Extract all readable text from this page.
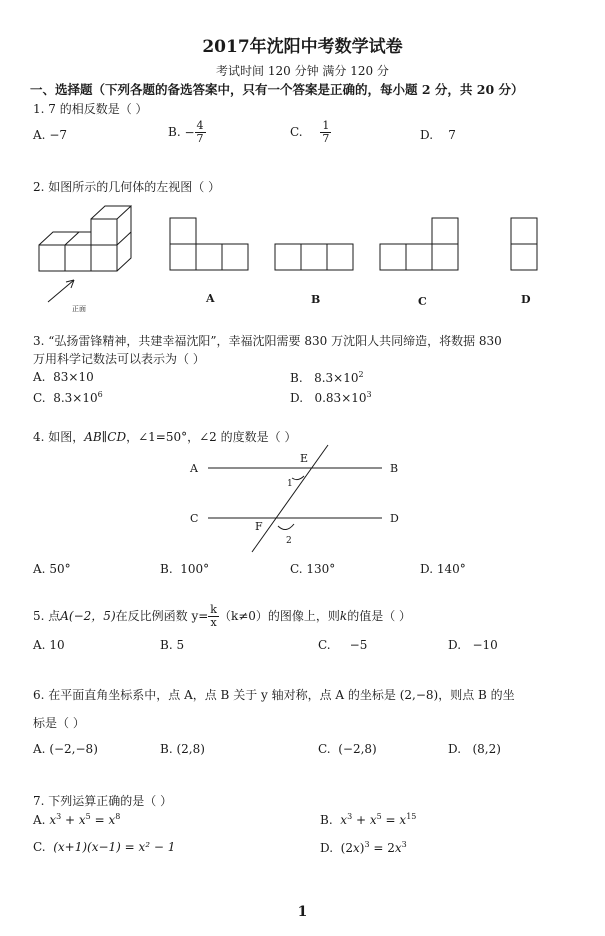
2017年沈阳中考数学试卷
考试时间 120 分钟 满分 120 分
一、选择题（下列各题的备选答案中，只有一个答案是正确的，每小题 2 分，共 20 分）
1. 7 的相反数是（ ）
A. −7	B. − $\frac{4}{7}$	C. $\frac{1}{7}$	D. 7
2. 如图所示的几何体的左视图（ ）
正面
A	B	C	D
A	B
C	D
E
F
1
2
3. “弘扬雷锋精神，共建幸福沈阳”，幸福沈阳需要 830 万沈阳人共同缔造，将数据 830
万用科学记数法可以表示为（ ）
A. 83×10	B. $8.3\times 10^2$
C. $8.3\times 10^6$	D. $0.83\times 10^3$
4. 如图，AB∥CD，∠1=50°，∠2 的度数是（ ）
A. 50°	B. 100°	C. 130°	D. 140°
5. 点A(−2，5)在反比例函数 $y= \frac{k}{x} (k\ne 0)$的图像上，则k的值是（ ）
A. 10	B. 5	C. −5	D. −10
6. 在平面直角坐标系中，点 A，点 B 关于 y 轴对称，点 A 的坐标是 (2,−8)，则点 B 的坐
标是（ ）
A. (−2,−8)	B. (2,8)	C. (−2,8)	D. (8,2)
7. 下列运算正确的是（ ）
A. $x^3 + x^5 = x^8$	B. $x^3 + x^5 = x^{15}$
C. (x+1)(x−1) = x² − 1	D.  $(2x)^3 = 2x^3$
1
